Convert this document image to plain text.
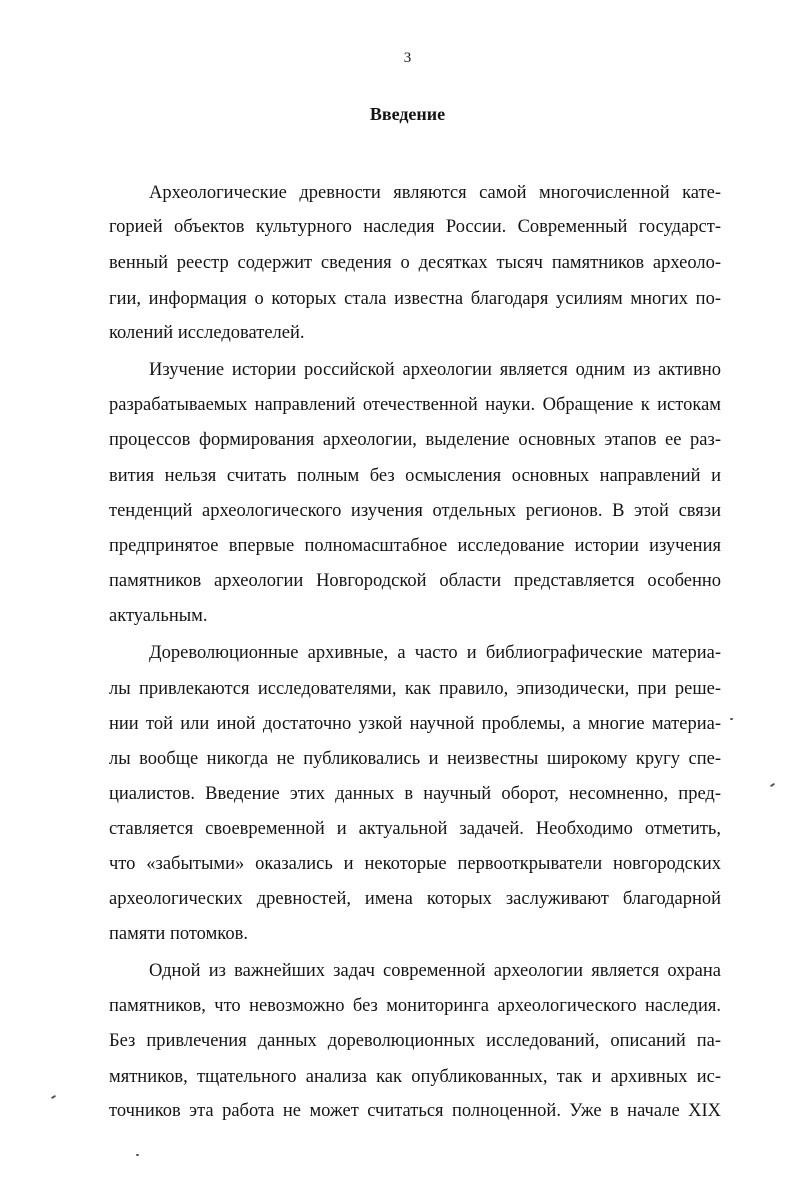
3
Введение
Археологические древности являются самой многочисленной кате-
горией объектов культурного наследия России. Современный государст-
венный реестр содержит сведения о десятках тысяч памятников археоло-
гии, информация о которых стала известна благодаря усилиям многих по-
колений исследователей.
Изучение истории российской археологии является одним из активно
разрабатываемых направлений отечественной науки. Обращение к истокам
процессов формирования археологии, выделение основных этапов ее раз-
вития нельзя считать полным без осмысления основных направлений и
тенденций археологического изучения отдельных регионов. В этой связи
предпринятое впервые полномасштабное исследование истории изучения
памятников археологии Новгородской области представляется особенно
актуальным.
Дореволюционные архивные, а часто и библиографические материа-
лы привлекаются исследователями, как правило, эпизодически, при реше-
нии той или иной достаточно узкой научной проблемы, а многие материа-
лы вообще никогда не публиковались и неизвестны широкому кругу спе-
циалистов. Введение этих данных в научный оборот, несомненно, пред-
ставляется своевременной и актуальной задачей. Необходимо отметить,
что «забытыми» оказались и некоторые первооткрыватели новгородских
археологических древностей, имена которых заслуживают благодарной
памяти потомков.
Одной из важнейших задач современной археологии является охрана
памятников, что невозможно без мониторинга археологического наследия.
Без привлечения данных дореволюционных исследований, описаний па-
мятников, тщательного анализа как опубликованных, так и архивных ис-
точников эта работа не может считаться полноценной. Уже в начале XIX
